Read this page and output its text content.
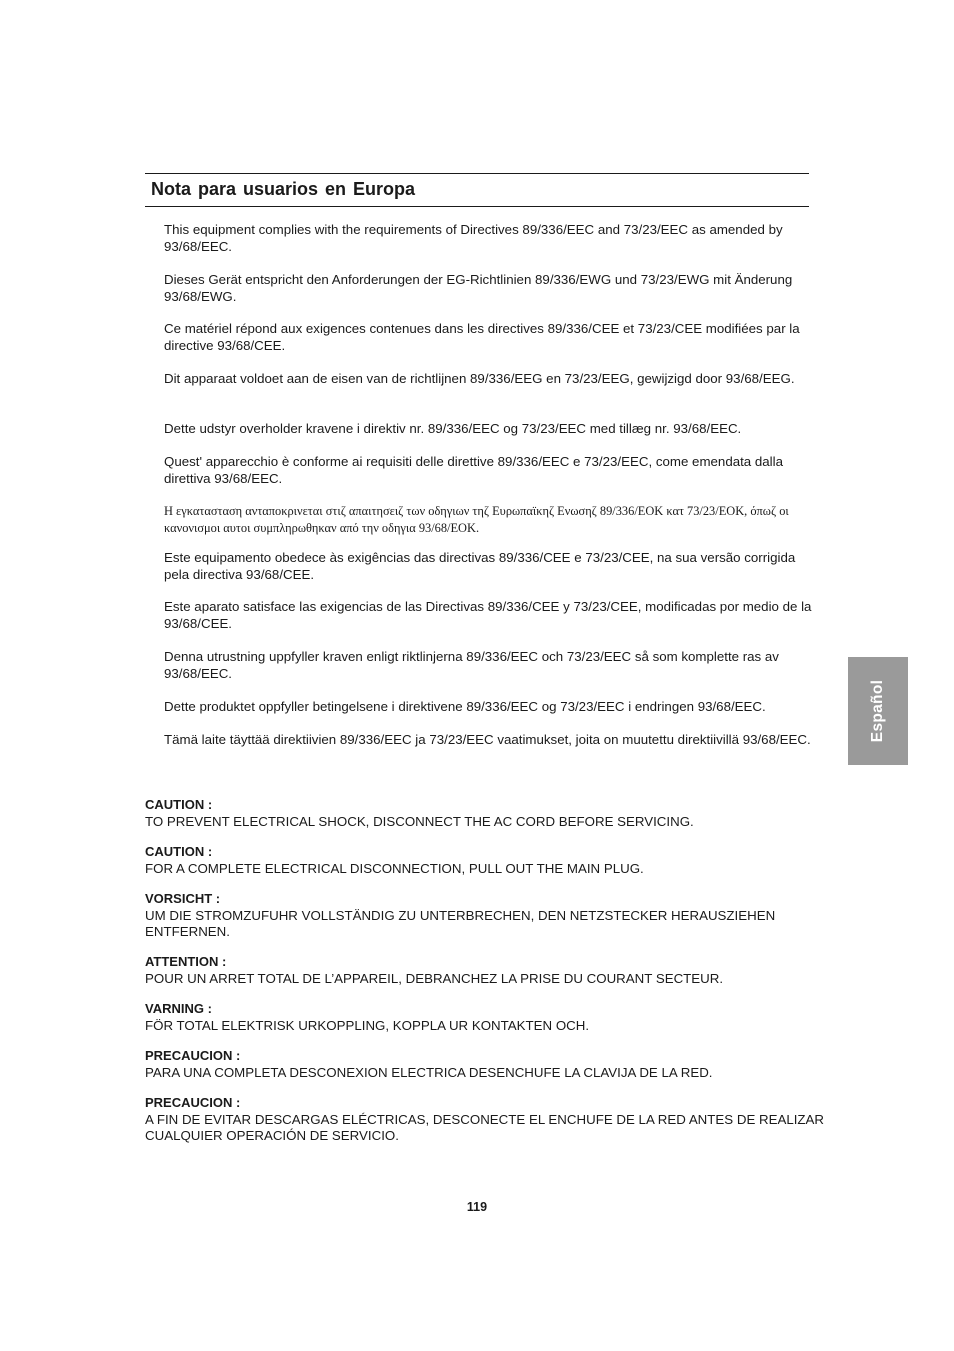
Nota para usuarios en Europa

This equipment complies with the requirements of Directives 89/336/EEC and 73/23/EEC as amended by 93/68/EEC.

Dieses Gerät entspricht den Anforderungen der EG-Richtlinien 89/336/EWG und 73/23/EWG mit Änderung 93/68/EWG.

Ce matériel répond aux exigences contenues dans les directives 89/336/CEE et 73/23/CEE modifiées par la directive 93/68/CEE.

Dit apparaat voldoet aan de eisen van de richtlijnen 89/336/EEG en 73/23/EEG, gewijzigd door 93/68/EEG.

Dette udstyr overholder kravene i direktiv nr. 89/336/EEC og 73/23/EEC med tillæg nr. 93/68/EEC.

Quest' apparecchio è conforme ai requisiti delle direttive 89/336/EEC e 73/23/EEC, come emendata dalla direttiva 93/68/EEC.

Η εγκατασταση ανταποκρινεται στιζ απαιτησειζ των οδηγιων τηζ Ευρωπαϊκηζ Ενωσηζ 89/336/ΕΟΚ κατ 73/23/ΕΟΚ, όπωζ οι κανονισμοι αυτοι συμπληρωθηκαν από την οδηγια 93/68/ΕΟΚ.

Este equipamento obedece às exigências das directivas 89/336/CEE e 73/23/CEE, na sua versão corrigida pela directiva 93/68/CEE.

Este aparato satisface las exigencias de las Directivas 89/336/CEE y 73/23/CEE, modificadas por medio de la 93/68/CEE.

Denna utrustning uppfyller kraven enligt riktlinjerna 89/336/EEC och 73/23/EEC så som komplette ras av 93/68/EEC.

Dette produktet oppfyller betingelsene i direktivene 89/336/EEC og 73/23/EEC i endringen 93/68/EEC.

Tämä laite täyttää direktiivien 89/336/EEC ja 73/23/EEC vaatimukset, joita on muutettu direktiivillä 93/68/EEC.

CAUTION :
TO PREVENT ELECTRICAL SHOCK, DISCONNECT THE AC CORD BEFORE SERVICING.
CAUTION :
FOR A COMPLETE ELECTRICAL DISCONNECTION, PULL OUT THE MAIN PLUG.
VORSICHT :
UM DIE STROMZUFUHR VOLLSTÄNDIG ZU UNTERBRECHEN, DEN NETZSTECKER HERAUSZIEHEN ENTFERNEN.
ATTENTION :
POUR UN ARRET TOTAL DE L’APPAREIL, DEBRANCHEZ LA PRISE DU COURANT SECTEUR.
VARNING :
FÖR TOTAL ELEKTRISK URKOPPLING, KOPPLA UR KONTAKTEN OCH.
PRECAUCION :
PARA UNA COMPLETA DESCONEXION ELECTRICA DESENCHUFE LA CLAVIJA DE LA RED.
PRECAUCION :
A FIN DE EVITAR DESCARGAS ELÉCTRICAS, DESCONECTE EL ENCHUFE DE LA RED ANTES DE REALIZAR CUALQUIER OPERACIÓN DE SERVICIO.
119
Español
